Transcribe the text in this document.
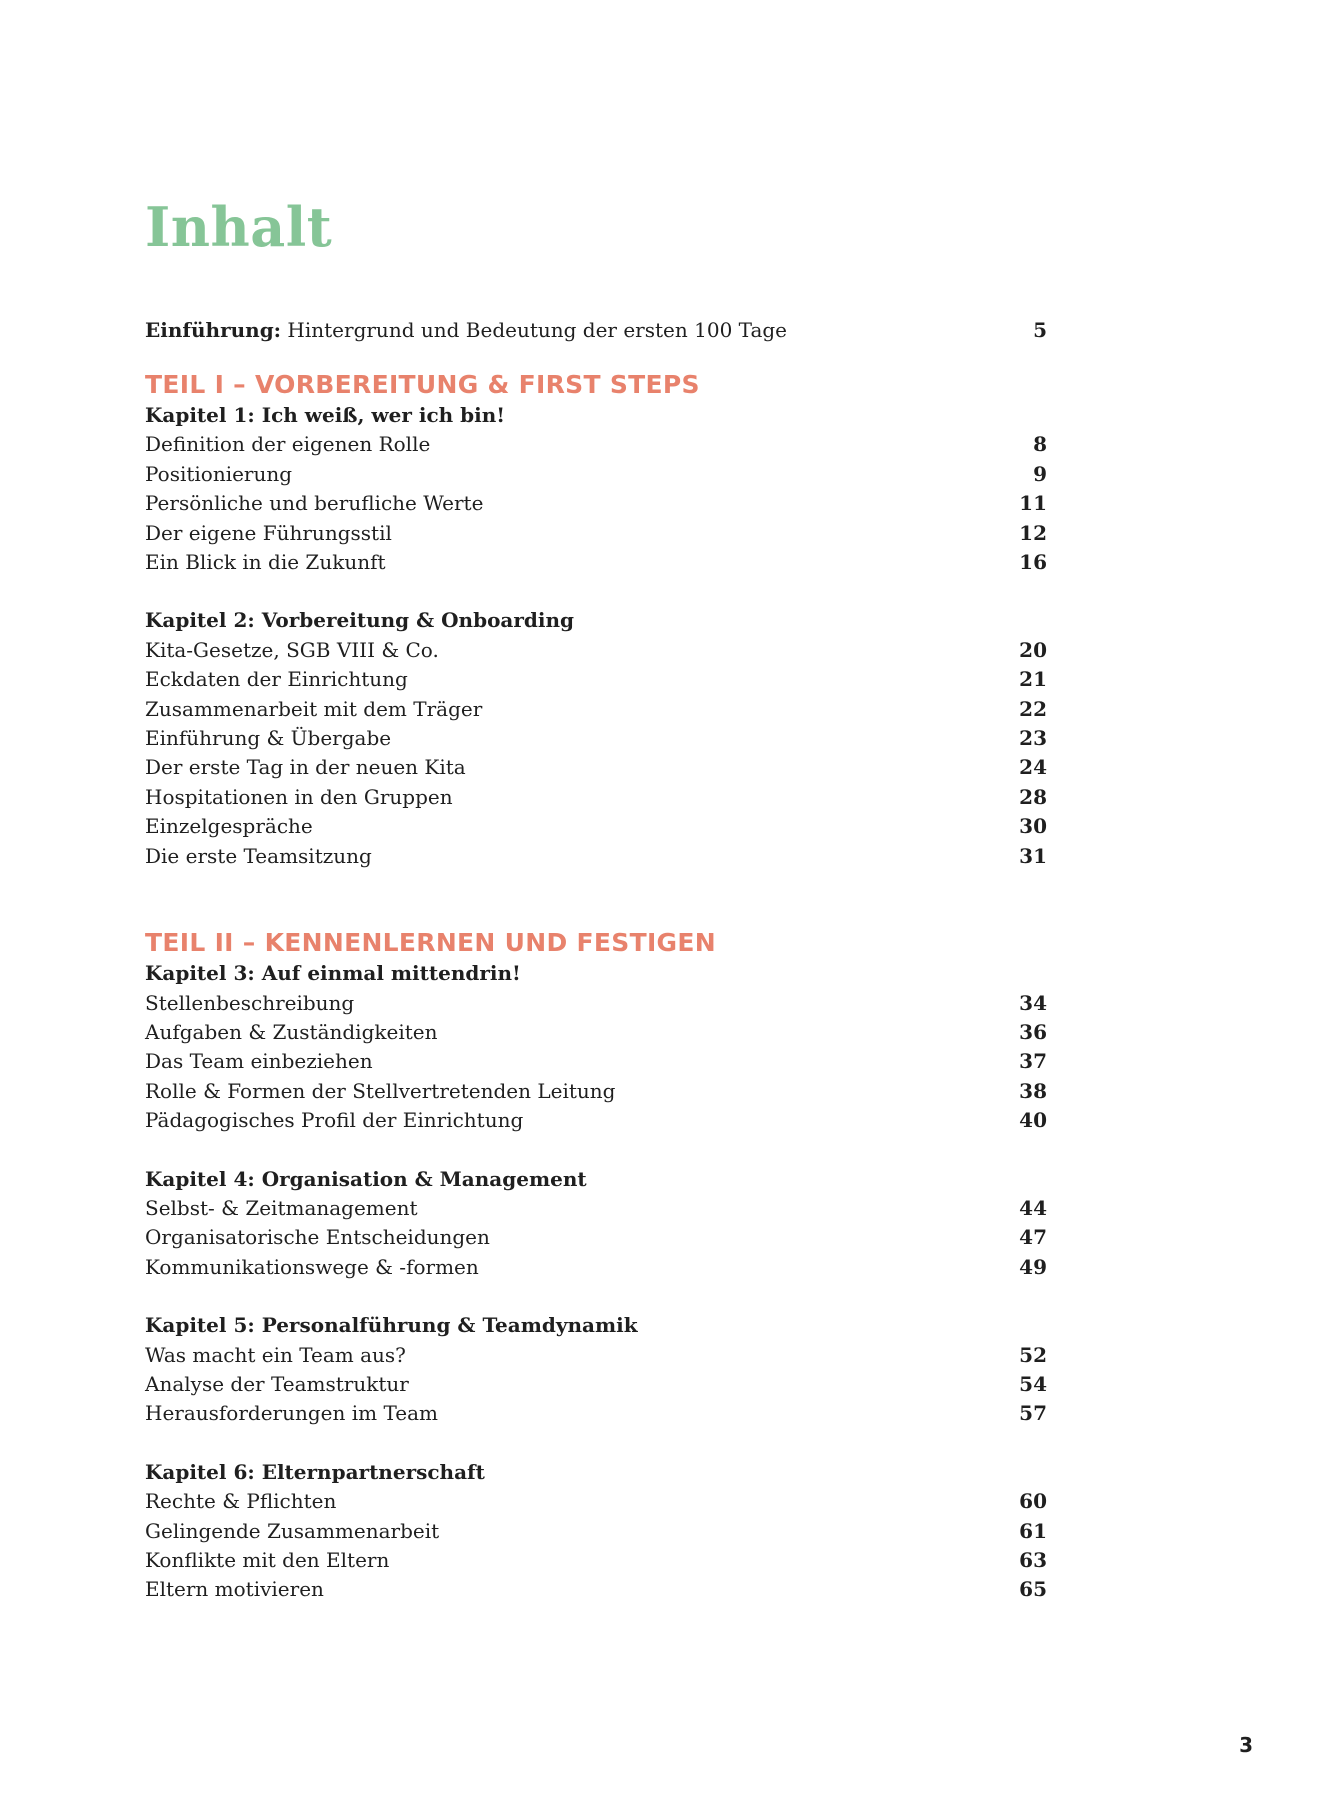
Inhalt
Einführung: Hintergrund und Bedeutung der ersten 100 Tage	5
TEIL I – VORBEREITUNG & FIRST STEPS
Kapitel 1: Ich weiß, wer ich bin!
Definition der eigenen Rolle	8
Positionierung	9
Persönliche und berufliche Werte	11
Der eigene Führungsstil	12
Ein Blick in die Zukunft	16
Kapitel 2: Vorbereitung & Onboarding
Kita-Gesetze, SGB VIII & Co.	20
Eckdaten der Einrichtung	21
Zusammenarbeit mit dem Träger	22
Einführung & Übergabe	23
Der erste Tag in der neuen Kita	24
Hospitationen in den Gruppen	28
Einzelgespräche	30
Die erste Teamsitzung	31
TEIL II – KENNENLERNEN UND FESTIGEN
Kapitel 3: Auf einmal mittendrin!
Stellenbeschreibung	34
Aufgaben & Zuständigkeiten	36
Das Team einbeziehen	37
Rolle & Formen der Stellvertretenden Leitung	38
Pädagogisches Profil der Einrichtung	40
Kapitel 4: Organisation & Management
Selbst- & Zeitmanagement	44
Organisatorische Entscheidungen	47
Kommunikationswege & -formen	49
Kapitel 5: Personalführung & Teamdynamik
Was macht ein Team aus?	52
Analyse der Teamstruktur	54
Herausforderungen im Team	57
Kapitel 6: Elternpartnerschaft
Rechte & Pflichten	60
Gelingende Zusammenarbeit	61
Konflikte mit den Eltern	63
Eltern motivieren	65
3
